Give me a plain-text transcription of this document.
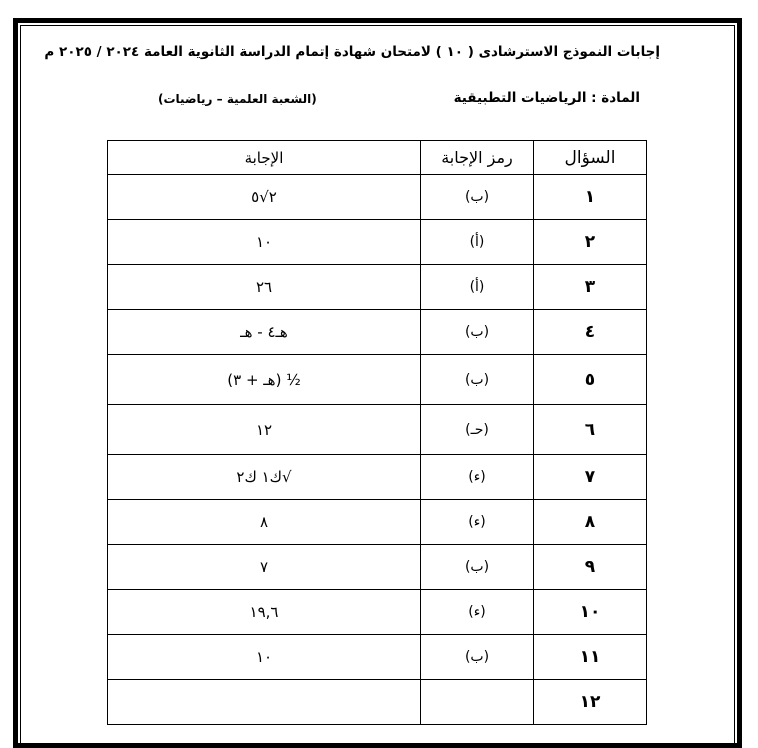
إجابات النموذج الاسترشادى ( ١٠ ) لامتحان شهادة إتمام الدراسة الثانوية العامة ٢٠٢٤ / ٢٠٢٥ م
المادة : الرياضيات التطبيقية
(الشعبة العلمية – رياضيات)
السؤال	رمز الإجابة	الإجابة
١	(ب)	٢√٥
٢	(أ)	١٠
٣	(أ)	٢٦
٤	(ب)	هـ٤ - هـ
٥	(ب)	½ (هـ + ٣)
٦	(حـ)	١٢
٧	(ء)	√ك١ ك٢
٨	(ء)	٨
٩	(ب)	٧
١٠	(ء)	١٩,٦
١١	(ب)	١٠
١٢		
